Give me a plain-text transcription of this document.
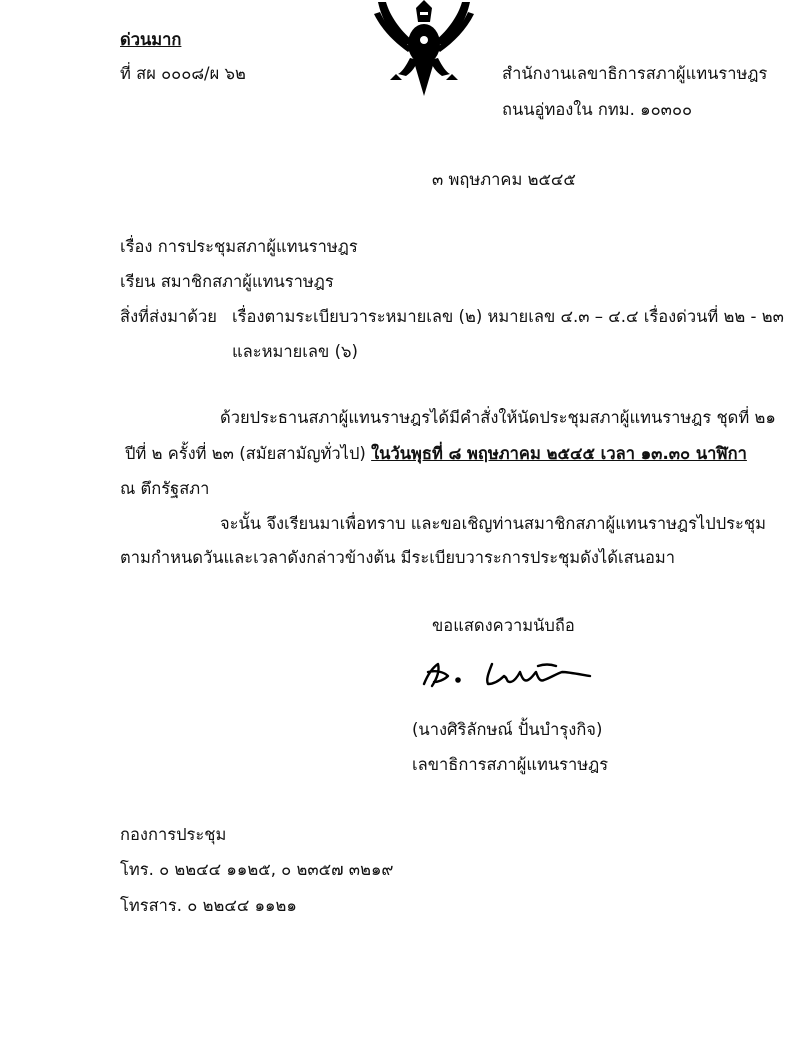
ด่วนมาก
ที่ สผ ๐๐๐๘/ผ ๖๒	สำนักงานเลขาธิการสภาผู้แทนราษฎร
ถนนอู่ทองใน กทม. ๑๐๓๐๐
๓ พฤษภาคม ๒๕๔๕
เรื่อง การประชุมสภาผู้แทนราษฎร
เรียน สมาชิกสภาผู้แทนราษฎร
สิ่งที่ส่งมาด้วย เรื่องตามระเบียบวาระหมายเลข (๒) หมายเลข ๔.๓ – ๔.๔ เรื่องด่วนที่ ๒๒ - ๒๓
และหมายเลข (๖)
ด้วยประธานสภาผู้แทนราษฎรได้มีคำสั่งให้นัดประชุมสภาผู้แทนราษฎร ชุดที่ ๒๑
ปีที่ ๒ ครั้งที่ ๒๓ (สมัยสามัญทั่วไป) ในวันพุธที่ ๘ พฤษภาคม ๒๕๔๕ เวลา ๑๓.๓๐ นาฬิกา
ณ ตึกรัฐสภา
จะนั้น จึงเรียนมาเพื่อทราบ และขอเชิญท่านสมาชิกสภาผู้แทนราษฎรไปประชุม
ตามกำหนดวันและเวลาดังกล่าวข้างต้น มีระเบียบวาระการประชุมดังได้เสนอมา
ขอแสดงความนับถือ
(นางศิริลักษณ์ ปั้นบำรุงกิจ)
เลขาธิการสภาผู้แทนราษฎร
กองการประชุม
โทร. ๐ ๒๒๔๔ ๑๑๒๕, ๐ ๒๓๕๗ ๓๒๑๙
โทรสาร. ๐ ๒๒๔๔ ๑๑๒๑
